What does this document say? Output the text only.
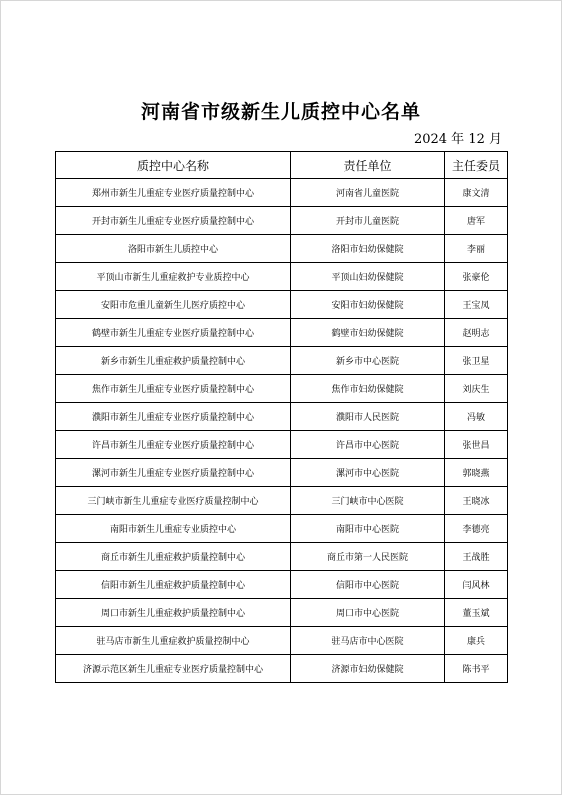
河南省市级新生儿质控中心名单
2024 年 12 月
质控中心名称	责任单位	主任委员
郑州市新生儿重症专业医疗质量控制中心	河南省儿童医院	康文清
开封市新生儿重症专业医疗质量控制中心	开封市儿童医院	唐军
洛阳市新生儿质控中心	洛阳市妇幼保健院	李丽
平顶山市新生儿重症救护专业质控中心	平顶山妇幼保健院	张豪伦
安阳市危重儿童新生儿医疗质控中心	安阳市妇幼保健院	王宝凤
鹤壁市新生儿重症专业医疗质量控制中心	鹤壁市妇幼保健院	赵明志
新乡市新生儿重症救护质量控制中心	新乡市中心医院	张卫星
焦作市新生儿重症专业医疗质量控制中心	焦作市妇幼保健院	刘庆生
濮阳市新生儿重症专业医疗质量控制中心	濮阳市人民医院	冯敏
许昌市新生儿重症专业医疗质量控制中心	许昌市中心医院	张世昌
漯河市新生儿重症专业医疗质量控制中心	漯河市中心医院	郭晓燕
三门峡市新生儿重症专业医疗质量控制中心	三门峡市中心医院	王晓冰
南阳市新生儿重症专业质控中心	南阳市中心医院	李德亮
商丘市新生儿重症救护质量控制中心	商丘市第一人民医院	王战胜
信阳市新生儿重症救护质量控制中心	信阳市中心医院	闫风林
周口市新生儿重症救护质量控制中心	周口市中心医院	董玉斌
驻马店市新生儿重症救护质量控制中心	驻马店市中心医院	康兵
济源示范区新生儿重症专业医疗质量控制中心	济源市妇幼保健院	陈书平
